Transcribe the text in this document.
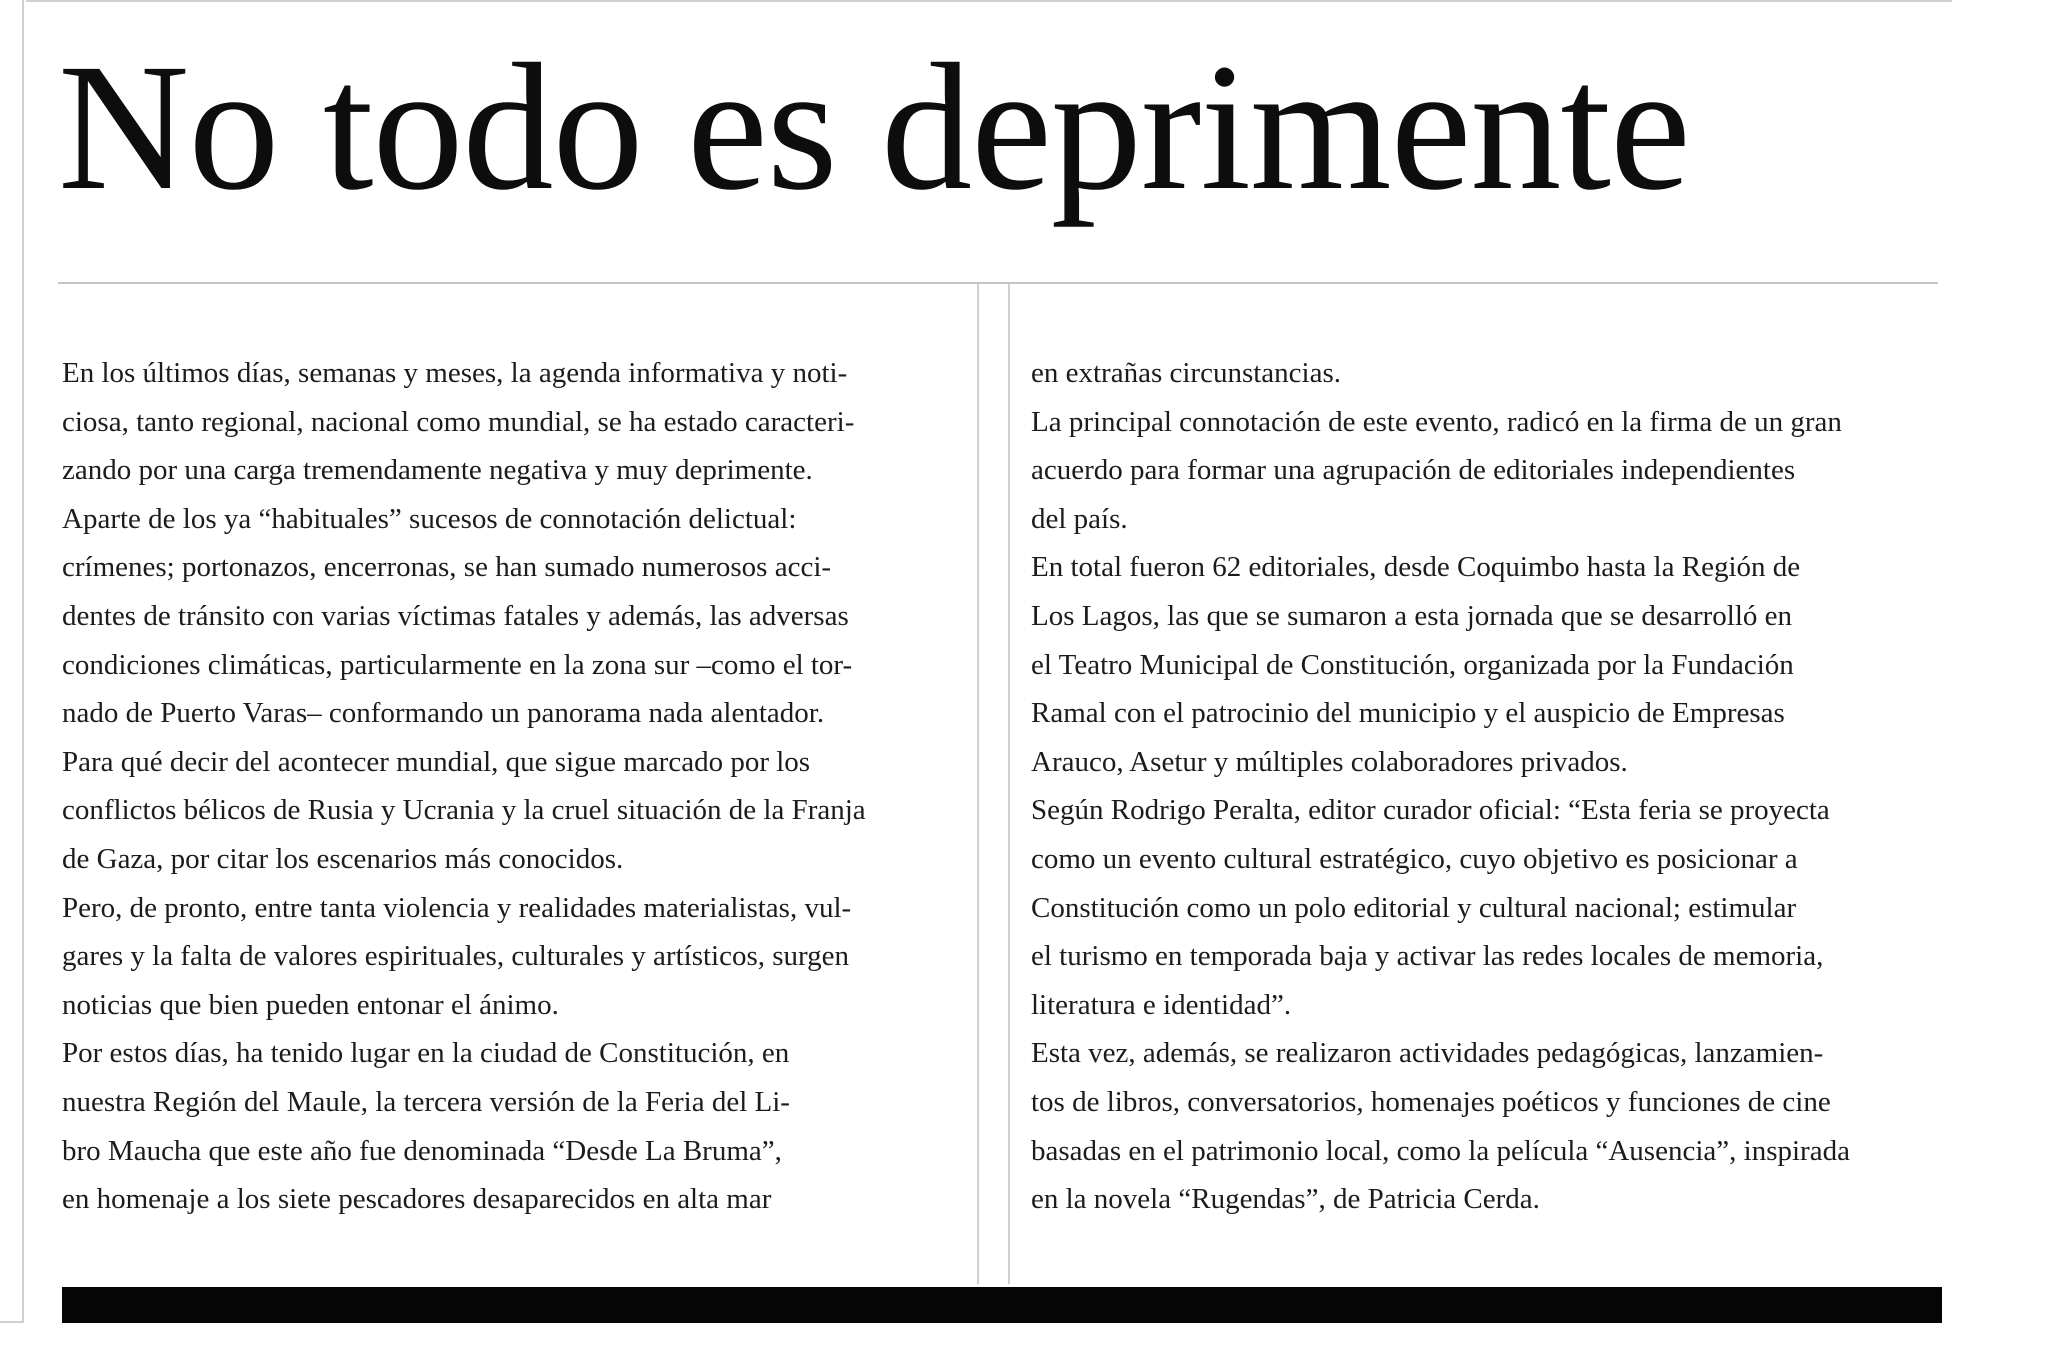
No todo es deprimente
En los últimos días, semanas y meses, la agenda informativa y noti-
ciosa, tanto regional, nacional como mundial, se ha estado caracteri-
zando por una carga tremendamente negativa y muy deprimente.
Aparte de los ya “habituales” sucesos de connotación delictual:
crímenes; portonazos, encerronas, se han sumado numerosos acci-
dentes de tránsito con varias víctimas fatales y además, las adversas
condiciones climáticas, particularmente en la zona sur –como el tor-
nado de Puerto Varas– conformando un panorama nada alentador.
Para qué decir del acontecer mundial, que sigue marcado por los
conflictos bélicos de Rusia y Ucrania y la cruel situación de la Franja
de Gaza, por citar los escenarios más conocidos.
Pero, de pronto, entre tanta violencia y realidades materialistas, vul-
gares y la falta de valores espirituales, culturales y artísticos, surgen
noticias que bien pueden entonar el ánimo.
Por estos días, ha tenido lugar en la ciudad de Constitución, en
nuestra Región del Maule, la tercera versión de la Feria del Li-
bro Maucha que este año fue denominada “Desde La Bruma”,
en homenaje a los siete pescadores desaparecidos en alta mar
en extrañas circunstancias.
La principal connotación de este evento, radicó en la firma de un gran
acuerdo para formar una agrupación de editoriales independientes
del país.
En total fueron 62 editoriales, desde Coquimbo hasta la Región de
Los Lagos, las que se sumaron a esta jornada que se desarrolló en
el Teatro Municipal de Constitución, organizada por la Fundación
Ramal con el patrocinio del municipio y el auspicio de Empresas
Arauco, Asetur y múltiples colaboradores privados.
Según Rodrigo Peralta, editor curador oficial: “Esta feria se proyecta
como un evento cultural estratégico, cuyo objetivo es posicionar a
Constitución como un polo editorial y cultural nacional; estimular
el turismo en temporada baja y activar las redes locales de memoria,
literatura e identidad”.
Esta vez, además, se realizaron actividades pedagógicas, lanzamien-
tos de libros, conversatorios, homenajes poéticos y funciones de cine
basadas en el patrimonio local, como la película “Ausencia”, inspirada
en la novela “Rugendas”, de Patricia Cerda.
